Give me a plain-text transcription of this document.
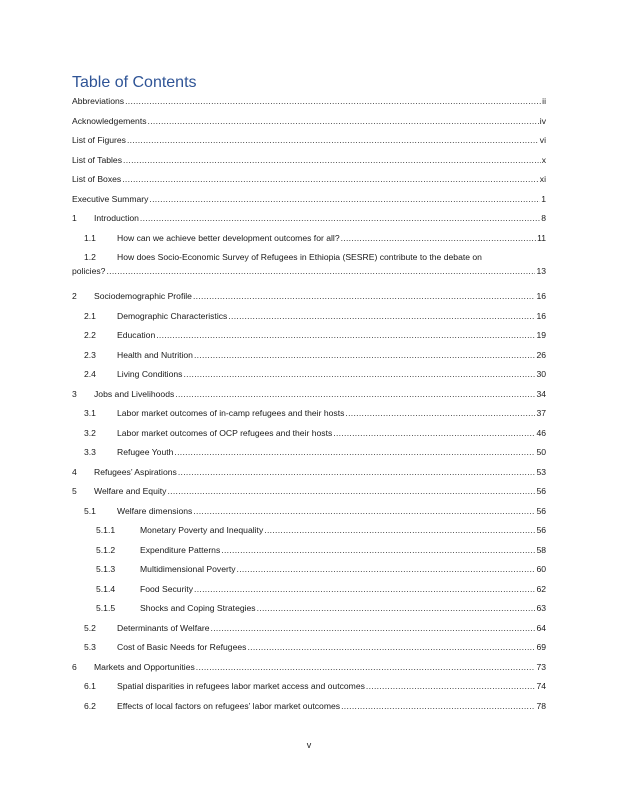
Table of Contents
Abbreviations .....	ii
Acknowledgements .....	iv
List of Figures .....	vi
List of Tables .....	x
List of Boxes .....	xi
Executive Summary .....	1
1	Introduction .....	8
1.1	How can we achieve better development outcomes for all? .....	11
1.2	How does Socio-Economic Survey of Refugees in Ethiopia (SESRE) contribute to the debate on
policies? .....	13
2	Sociodemographic Profile .....	16
2.1	Demographic Characteristics .....	16
2.2	Education .....	19
2.3	Health and Nutrition .....	26
2.4	Living Conditions .....	30
3	Jobs and Livelihoods .....	34
3.1	Labor market outcomes of in-camp refugees and their hosts .....	37
3.2	Labor market outcomes of OCP refugees and their hosts .....	46
3.3	Refugee Youth .....	50
4	Refugees’ Aspirations .....	53
5	Welfare and Equity .....	56
5.1	Welfare dimensions .....	56
5.1.1	Monetary Poverty and Inequality .....	56
5.1.2	Expenditure Patterns .....	58
5.1.3	Multidimensional Poverty .....	60
5.1.4	Food Security .....	62
5.1.5	Shocks and Coping Strategies .....	63
5.2	Determinants of Welfare .....	64
5.3	Cost of Basic Needs for Refugees .....	69
6	Markets and Opportunities .....	73
6.1	Spatial disparities in refugees labor market access and outcomes .....	74
6.2	Effects of local factors on refugees’ labor market outcomes .....	78
v
